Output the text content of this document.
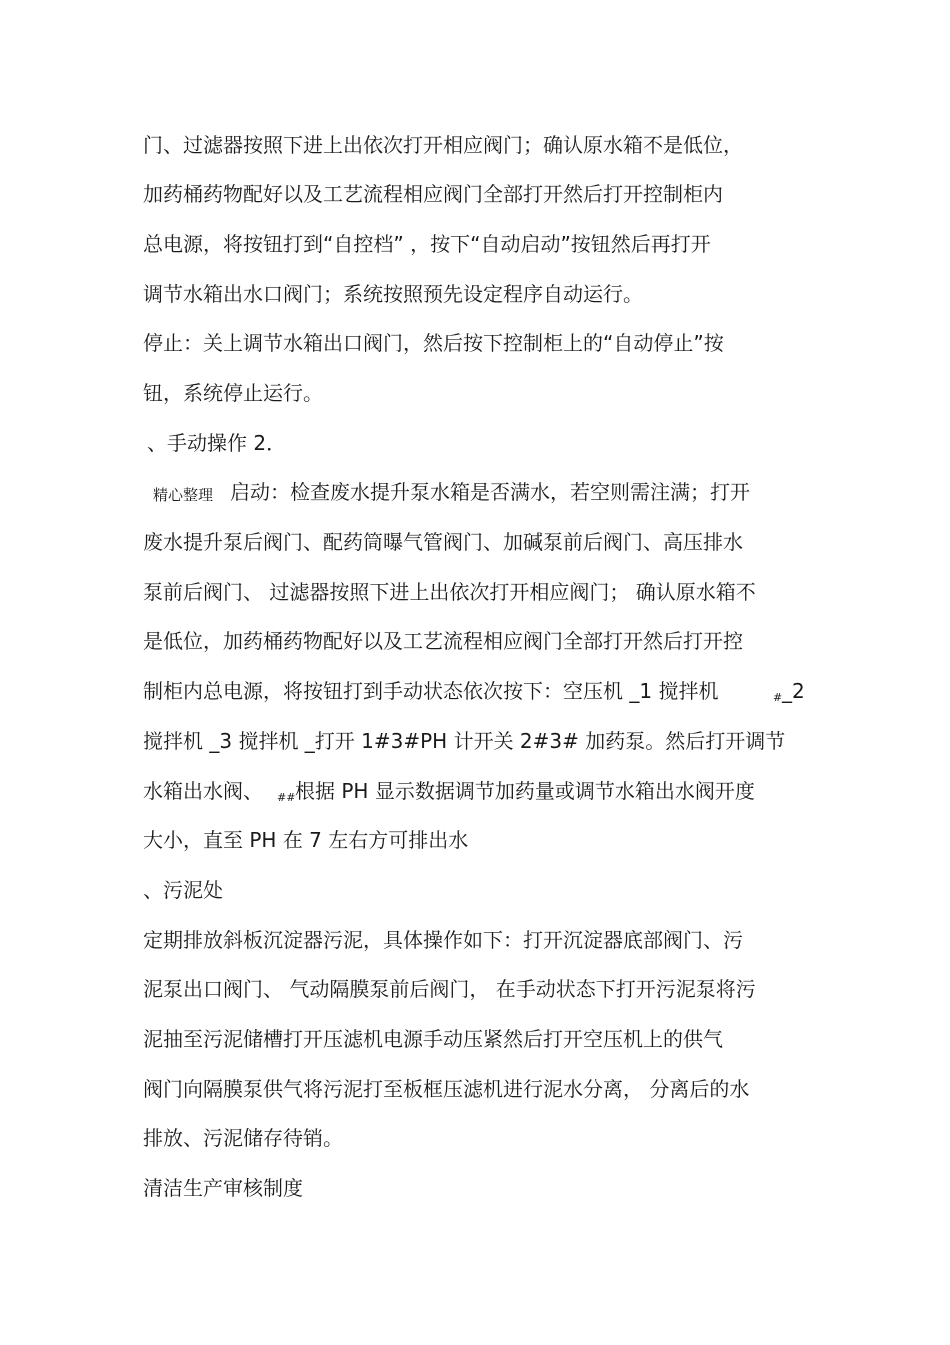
门、过滤器按照下进上出依次打开相应阀门；确认原水箱不是低位，
加药桶药物配好以及工艺流程相应阀门全部打开然后打开控制柜内
总电源，将按钮打到“自控档” ，按下“自动启动”按钮然后再打开
调节水箱出水口阀门；系统按照预先设定程序自动运行。
停止：关上调节水箱出口阀门，然后按下控制柜上的“自动停止”按
钮，系统停止运行。
、手动操作 2．
精心整理 启动：检查废水提升泵水箱是否满水，若空则需注满；打开
废水提升泵后阀门、配药筒曝气管阀门、加碱泵前后阀门、高压排水
泵前后阀门、 过滤器按照下进上出依次打开相应阀门； 确认原水箱不
是低位，加药桶药物配好以及工艺流程相应阀门全部打开然后打开控
制柜内总电源，将按钮打到手动状态依次按下：空压机 _1 搅拌机	# _2
搅拌机 _3 搅拌机 _打开 1#3#PH 计开关 2#3# 加药泵。然后打开调节
水箱出水阀、 ## 根据 PH 显示数据调节加药量或调节水箱出水阀开度
大小，直至 PH 在 7 左右方可排出水
、污泥处
定期排放斜板沉淀器污泥，具体操作如下：打开沉淀器底部阀门、污
泥泵出口阀门、 气动隔膜泵前后阀门， 在手动状态下打开污泥泵将污
泥抽至污泥储槽打开压滤机电源手动压紧然后打开空压机上的供气
阀门向隔膜泵供气将污泥打至板框压滤机进行泥水分离， 分离后的水
排放、污泥储存待销。
清洁生产审核制度
